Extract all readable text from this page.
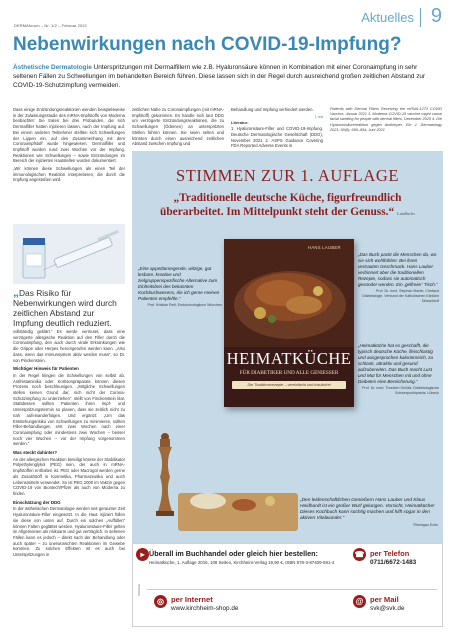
DERMAforum – Nr. 1/2 – Februar 2022
Aktuelles 9
Nebenwirkungen nach COVID-19-Impfung?
Ästhetische Dermatologie Unterspritzungen mit Dermalfillern wie z.B. Hyaluronsäure können in Kombination mit einer Coronaimpfung in sehr seltenen Fällen zu Schwellungen im behandelten Bereich führen. Diese lassen sich in der Regel durch ausreichend großen zeitlichen Abstand zur COVID-19-Schutzimpfung vermeiden.

Dass einige Entzündungsreaktionen wenden beispielsweise in der Zulassungsstudie des mRNA-Impfstoffs von Moderna beobachtet: Sie traten bei drei Probanden, die sich Dermalfiller hatten injizieren lassen, nach der Impfung auf. Bei einem anderen Teilnehmer stellten sich Schwellungen der Lippen ein, auf den Zusammenhang mit dem Coronaimpfstoff wurde hingewiesen. Dermalfiller und Impfstoff wurden rund zwei Wochen vor der Impfung. Reaktionen wie Schwellungen – sowie Entzündungen im Bereich der injizierten Hautstellen wurden dokumentiert.

„Wir können diese Schwellungen als einen Teil der immunologischen Reaktion interpretieren, die durch die Impfung angestoßen wird.

„Das Risiko für Nebenwirkungen wird durch zeitlichen Abstand zur Impfung deutlich reduziert.

vollständig geklärt.“ Es werde vermutet, dass eine verzögerte allergische Reaktion auf den Filler durch die Coronaimpfung, den auch durch virale Erkrankungen wie die Grippe oder Herpes hervorgerufen werden kann. „Also dass, wenn das Immunsystem aktiv werden muss“, so Dr. von Pinckenstein.

Wichtiger Hinweis für Patienten

In der Regel klingen die Schwellungen von selbst ab. Antihistaminika oder Kortisonpräparate können diesen Prozess noch beschleunigen. „Mögliche Schwellungen stellen keinen Grund dar, sich nicht der Corona-Schutzimpfung zu unterziehen“, stellt von Finckenstein klar. Stattdessen sollten Patienten ihren Impf- und Unterspritzungstermin so planen, dass sie zeitlich nicht zu nah aufeinanderfolgen. Und ergänzt: „Um das Entstehungsrisiko von Schwellungen zu minimieren, sollten Filler-Behandlungen erst zwei Wochen nach einer Coronaimpfung oder mindestens zwei Wochen – besser noch vier Wochen – vor der Impfung vorgenommen werden.“

Was steckt dahinter?

An der allergischen Reaktion beteiligt könnte der Stabilisator Polyethylenglykol (PEG) sein, der auch in mRNA-Impfstoffen enthalten ist. PEG oder Macrogol werden gerne als Zusatzstoff in Kosmetika, Pharmazeutika und auch Lebensmitteln verwendet. So ist PEG 2000 im Vakzin gegen COVID-19 von Biontech/Pfizer als auch von Moderna zu finden.

Einschätzung der DDG

In der ästhetischen Dermatologie werden seit geraumer Zeit Hyaluronsäure-Filler eingesetzt. In die Haut injiziert füllen sie diese von unten auf. Durch ein solches „Auffüllen“ können Falten geglättet werden. Hyaluronsäure-Filler gelten im Allgemeinen als risikoarm und gut verträglich. In seltenen Fällen kann es jedoch – direkt nach der Behandlung oder auch später – zu unerwünschten Reaktionen im Gewebe kommen. Zu solchen Effekten ist es auch bei Unterspritzungen in

zeitlichen Nähe zu Coronaimpfungen (mit mRNA-Impfstoff) gekommen. Es handle sich laut DDG um verzögerte Entzündungsreaktionen, die zu Schwellungen (Ödemen) an unterspritzten Stellen führen können. Sie seien selten und könnten durch einen ausreichend zeitlichen Abstand zwischen Impfung und

Behandlung und Impfung verhindert werden.

1 red
Literatur:

1. Hyaluronsäure-Filler und COVID-19-Impfung. Deutsche Dermatologische Gesellschaft (DDG), November 2021 2. ASPS Guidance Covering FDA Reported Adverse Events in

Patients with Dermal Fillers Receiving the mRNA-1273 COVID Vaccine, Januar 2021 3. Moderna COVID-19 vaccine might cause facial swelling for people with dermal fillers, Dezember 2020 4. Die Hyaluronsäurereaktion gegen Antikörper. Ein J. Dermatology 2021; 60(6): 690–694, Juni 2021

STIMMEN ZUR 1. AUFLAGE
„Traditionelle deutsche Küche, figurfreundlich überarbeitet. Im Mittelpunkt steht der Genuss.“ Landluchs
„Eine appetitanregende, witzige, gut lesbare, kreative und zielgruppenspezifische Alternative zum Einheitsbrei des bekannten Kochbuchwesens, die ich gerne meinen Patienten empfehle.“
Prof. Kristian Rett, Endokrinologikum München
HANS LAUBER
HEIMATKÜCHE
FÜR DIABETIKER UND ALLE GENIESSER
Die Traditionsrezepte – vereinfacht und insulinfrei
„Das Buch packt die Menschen da, wo sie sich wohlfühlen: Bei ihren vertrauten Geschmack. Hans Lauber verbinnert aber die traditionellen Rezepte, sodass sie automatisch gesünder werden. Ein ‚gelfreier‘ Tisch.“
Prof. Dr. med. Stephan Martin, Chefarzt Diabetologie, Verbund der Katholischen Kliniken Düsseldorf
„Heimatküche hat es geschafft, die typisch deutsche Küche, fleischlastig und ausgesprochen kalorienreich, zu schlank, attraktiv und gesund aufzubereiten. Das Buch macht Lust und Mut für Menschen mit und ohne Diabetes eine Bereicherung.“
Prof. Dr. med. Thorsten Schütz, Diabetologische Schwerpunktpraxis, Lübeck
„Den leidenschaftlichen Genießern Hans Lauber und Klaus Heidhardt ist ein großer Wurf gelungen. Vorsicht, Heimatküche! Dieses Kochbuch kann süchtig machen und hilft sogar in den aktiven Vitalwunder.“
Rheingau Echo
▸ Überall im Buchhandel oder gleich hier bestellen:
Heimatküche, 1. Auflage 2016, 108 Seiten, Kirchheim-Verlag 19,90 €, ISBN 978-3-87409-591-4
☎ per Telefon
0711/6672-1483
◎ per Internet
www.kirchheim-shop.de
@ per Mail
svk@svk.de
ANZEIGE
